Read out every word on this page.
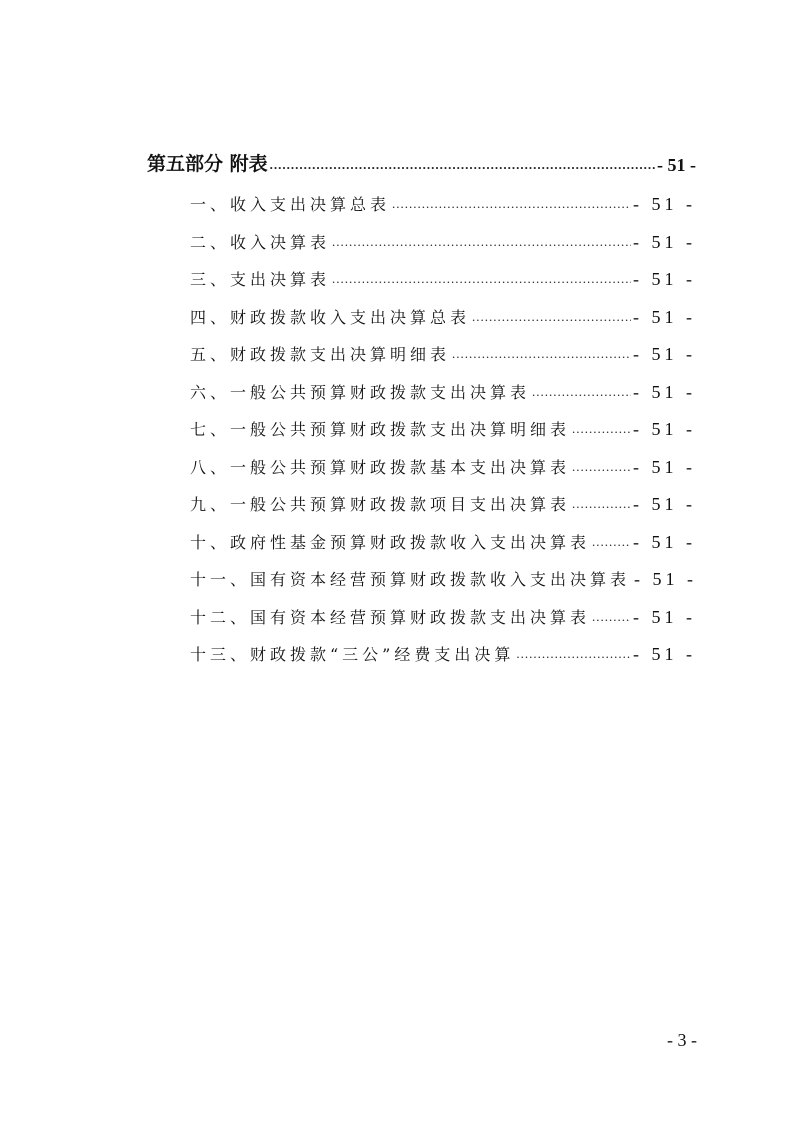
第五部分 附表 .....	- 51 -
一、收入支出决算总表 .....	- 51 -
二、收入决算表 .....	- 51 -
三、支出决算表 .....	- 51 -
四、财政拨款收入支出决算总表 .....	- 51 -
五、财政拨款支出决算明细表 .....	- 51 -
六、一般公共预算财政拨款支出决算表 .....	- 51 -
七、一般公共预算财政拨款支出决算明细表 .....	- 51 -
八、一般公共预算财政拨款基本支出决算表 .....	- 51 -
九、一般公共预算财政拨款项目支出决算表 .....	- 51 -
十、政府性基金预算财政拨款收入支出决算表 ..... - 51 -
十一、国有资本经营预算财政拨款收入支出决算表 - 51 -
十二、国有资本经营预算财政拨款支出决算表 ..... - 51 -
十三、财政拨款“三公”经费支出决算 .....	- 51 -
- 3 -
